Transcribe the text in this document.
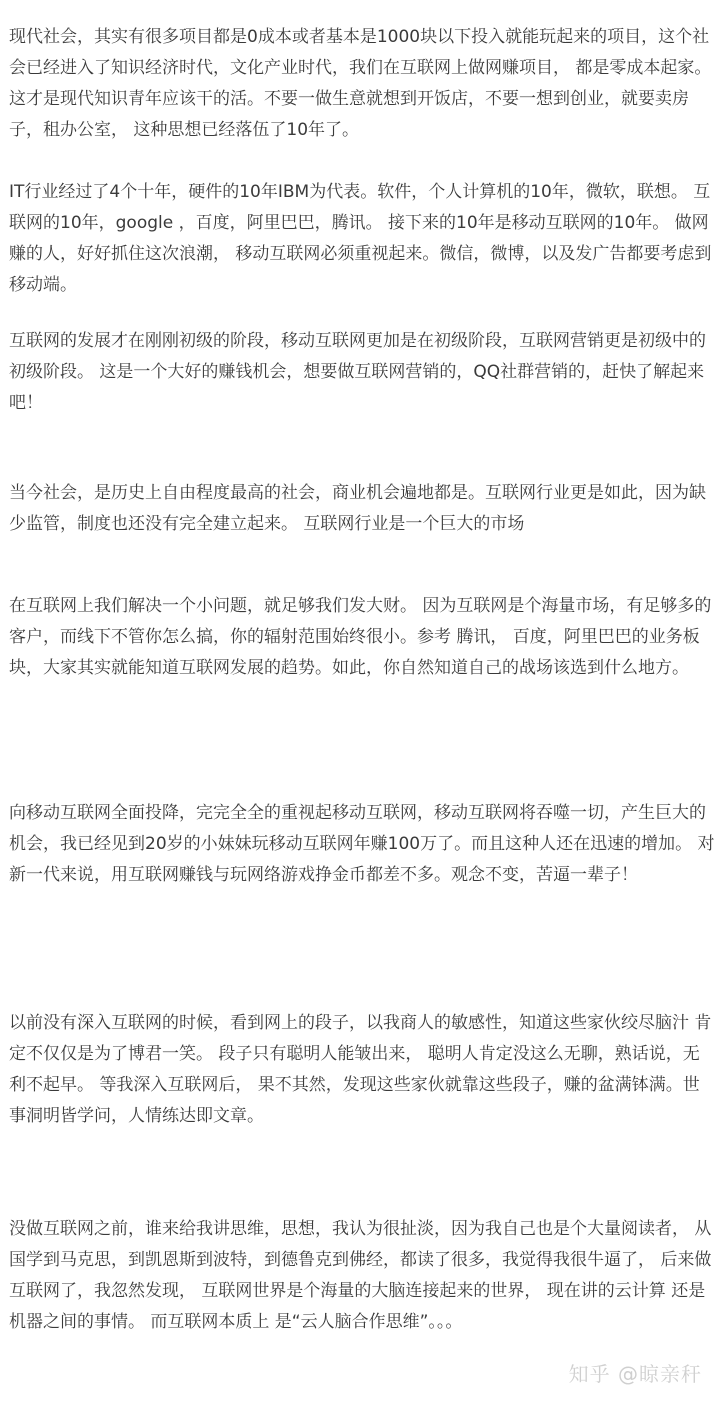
现代社会，其实有很多项目都是0成本或者基本是1000块以下投入就能玩起来的项目，这个社会已经进入了知识经济时代，文化产业时代，我们在互联网上做网赚项目， 都是零成本起家。这才是现代知识青年应该干的活。不要一做生意就想到开饭店，不要一想到创业，就要卖房子，租办公室， 这种思想已经落伍了10年了。

IT行业经过了4个十年，硬件的10年IBM为代表。软件，个人计算机的10年，微软，联想。 互联网的10年，google ，百度，阿里巴巴，腾讯。 接下来的10年是移动互联网的10年。 做网赚的人，好好抓住这次浪潮， 移动互联网必须重视起来。微信，微博，以及发广告都要考虑到移动端。

互联网的发展才在刚刚初级的阶段，移动互联网更加是在初级阶段，互联网营销更是初级中的初级阶段。 这是一个大好的赚钱机会，想要做互联网营销的，QQ社群营销的，赶快了解起来吧！

当今社会，是历史上自由程度最高的社会，商业机会遍地都是。互联网行业更是如此，因为缺少监管，制度也还没有完全建立起来。 互联网行业是一个巨大的市场

在互联网上我们解决一个小问题，就足够我们发大财。 因为互联网是个海量市场，有足够多的客户，而线下不管你怎么搞，你的辐射范围始终很小。参考 腾讯， 百度，阿里巴巴的业务板块，大家其实就能知道互联网发展的趋势。如此，你自然知道自己的战场该选到什么地方。

向移动互联网全面投降，完完全全的重视起移动互联网，移动互联网将吞噬一切，产生巨大的机会，我已经见到20岁的小妹妹玩移动互联网年赚100万了。而且这种人还在迅速的增加。 对新一代来说，用互联网赚钱与玩网络游戏挣金币都差不多。观念不变，苦逼一辈子！

以前没有深入互联网的时候，看到网上的段子，以我商人的敏感性，知道这些家伙绞尽脑汁 肯定不仅仅是为了博君一笑。 段子只有聪明人能皱出来， 聪明人肯定没这么无聊，熟话说，无利不起早。 等我深入互联网后， 果不其然，发现这些家伙就靠这些段子，赚的盆满钵满。世事洞明皆学问，人情练达即文章。

没做互联网之前，谁来给我讲思维，思想，我认为很扯淡，因为我自己也是个大量阅读者， 从国学到马克思，到凯恩斯到波特，到德鲁克到佛经，都读了很多，我觉得我很牛逼了， 后来做互联网了，我忽然发现， 互联网世界是个海量的大脑连接起来的世界， 现在讲的云计算 还是机器之间的事情。 而互联网本质上 是“云人脑合作思维”。。。

知乎 @晾亲秆
